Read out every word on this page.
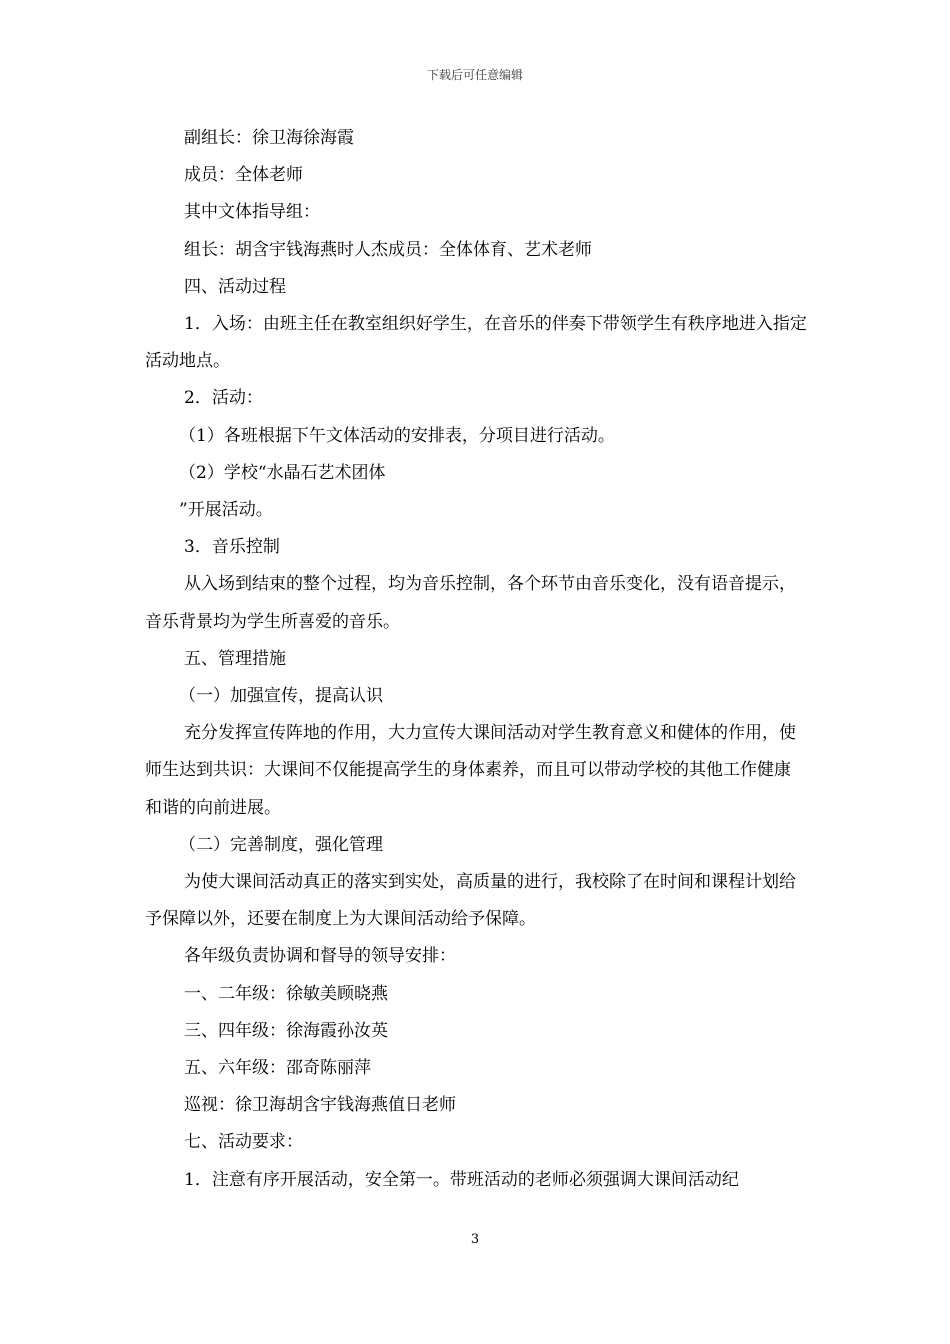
下载后可任意编辑

副组长：徐卫海徐海霞

成员：全体老师

其中文体指导组：

组长：胡含宇钱海燕时人杰成员：全体体育、艺术老师

四、活动过程

1．入场：由班主任在教室组织好学生，在音乐的伴奏下带领学生有秩序地进入指定活动地点。

2．活动：

（1）各班根据下午文体活动的安排表，分项目进行活动。

（2）学校“水晶石艺术团体

”开展活动。

3．音乐控制

从入场到结束的整个过程，均为音乐控制，各个环节由音乐变化，没有语音提示，音乐背景均为学生所喜爱的音乐。

五、管理措施

（一）加强宣传，提高认识

充分发挥宣传阵地的作用，大力宣传大课间活动对学生教育意义和健体的作用，使师生达到共识：大课间不仅能提高学生的身体素养，而且可以带动学校的其他工作健康和谐的向前进展。

（二）完善制度，强化管理

为使大课间活动真正的落实到实处，高质量的进行，我校除了在时间和课程计划给予保障以外，还要在制度上为大课间活动给予保障。

各年级负责协调和督导的领导安排：

一、二年级：徐敏美顾晓燕

三、四年级：徐海霞孙汝英

五、六年级：邵奇陈丽萍

巡视：徐卫海胡含宇钱海燕值日老师

七、活动要求：

1．注意有序开展活动，安全第一。带班活动的老师必须强调大课间活动纪

3
